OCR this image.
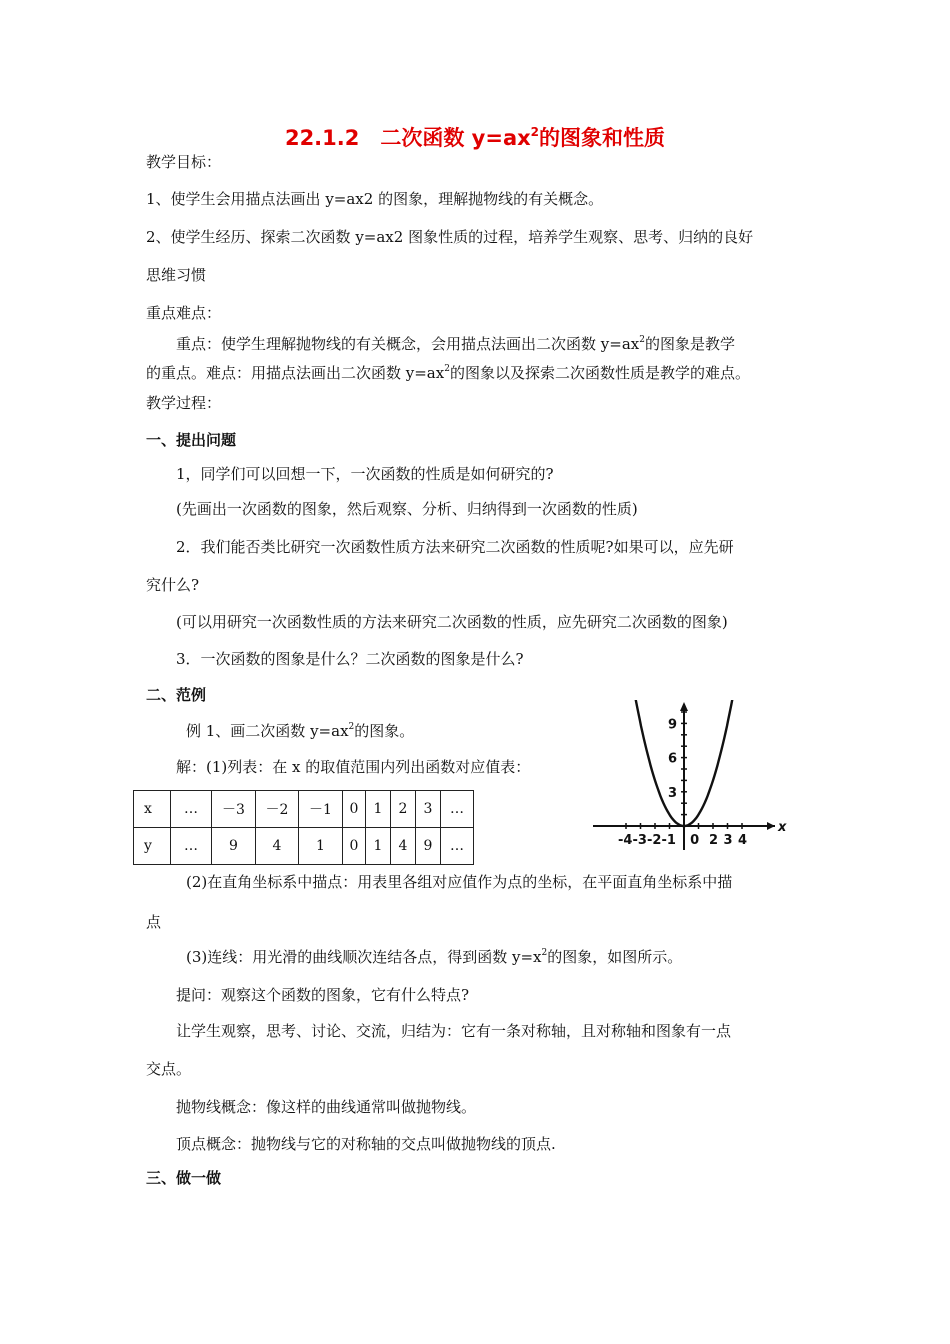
22.1.2　二次函数 $y=ax^2$的图象和性质
教学目标：
1、使学生会用描点法画出 y=ax2 的图象，理解抛物线的有关概念。
2、使学生经历、探索二次函数 y=ax2 图象性质的过程，培养学生观察、思考、归纳的良好
思维习惯
重点难点：
重点：使学生理解抛物线的有关概念，会用描点法画出二次函数 $y=ax^2$的图象是教学
的重点。难点：用描点法画出二次函数 $y=ax^2$的图象以及探索二次函数性质是教学的难点。
教学过程：
一、提出问题
1，同学们可以回想一下，一次函数的性质是如何研究的?
(先画出一次函数的图象，然后观察、分析、归纳得到一次函数的性质)
2．我们能否类比研究一次函数性质方法来研究二次函数的性质呢?如果可以，应先研
究什么?
(可以用研究一次函数性质的方法来研究二次函数的性质，应先研究二次函数的图象)
3．一次函数的图象是什么？二次函数的图象是什么?
二、范例
例 1、画二次函数 $y=ax^2$的图象。
解：(1)列表：在 x 的取值范围内列出函数对应值表：
x	…	－3	－2	－1	0	1	2	3	…
y	…	9	4	1	0	1	4	9	…
9
6
3
-4 -3 -2 -1 0 2 3 4
x
(2)在直角坐标系中描点：用表里各组对应值作为点的坐标，在平面直角坐标系中描
点
(3)连线：用光滑的曲线顺次连结各点，得到函数 $y=x^2$的图象，如图所示。
提问：观察这个函数的图象，它有什么特点?
让学生观察，思考、讨论、交流，归结为：它有一条对称轴，且对称轴和图象有一点
交点。
抛物线概念：像这样的曲线通常叫做抛物线。
顶点概念：抛物线与它的对称轴的交点叫做抛物线的顶点.
三、做一做
